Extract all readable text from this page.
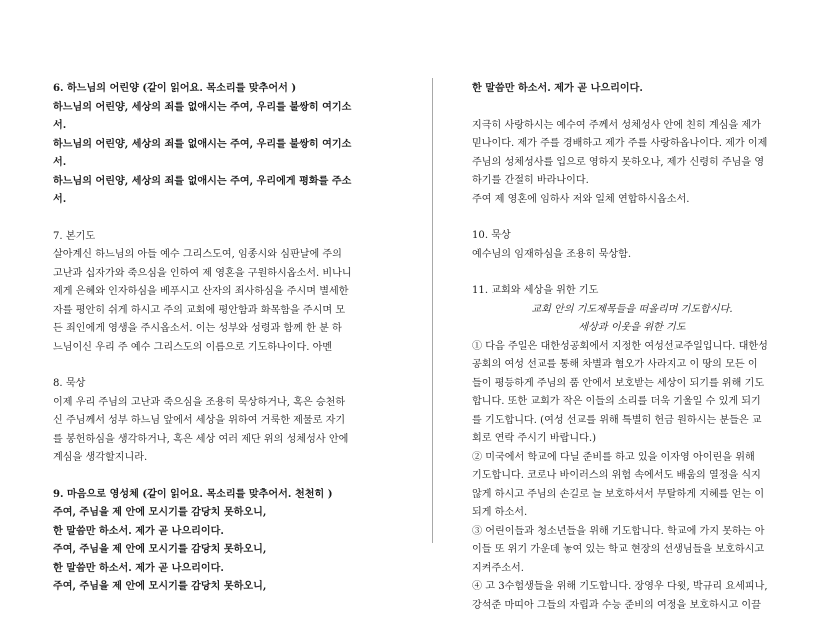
6. 하느님의 어린양 (같이 읽어요. 목소리를 맞추어서 )
하느님의 어린양, 세상의 죄를 없애시는 주여, 우리를 불쌍히 여기소
서.
하느님의 어린양, 세상의 죄를 없애시는 주여, 우리를 불쌍히 여기소
서.
하느님의 어린양, 세상의 죄를 없애시는 주여, 우리에게 평화를 주소
서.
7. 본기도
살아계신 하느님의 아들 예수 그리스도여, 임종시와 심판날에 주의
고난과 십자가와 죽으심을 인하여 제 영혼을 구원하시옵소서. 비나니
제게 은혜와 인자하심을 베푸시고 산자의 죄사하심을 주시며 별세한
자를 평안히 쉬게 하시고 주의 교회에 평안함과 화목함을 주시며 모
든 죄인에게 영생을 주시옵소서. 이는 성부와 성령과 함께 한 분 하
느님이신 우리 주 예수 그리스도의 이름으로 기도하나이다. 아멘
8. 묵상
이제 우리 주님의 고난과 죽으심을 조용히 묵상하거나, 혹은 승천하
신 주님께서 성부 하느님 앞에서 세상을 위하여 거룩한 제물로 자기
를 봉헌하심을 생각하거나, 혹은 세상 여러 제단 위의 성체성사 안에
계심을 생각할지니라.
9. 마음으로 영성체 (같이 읽어요. 목소리를 맞추어서. 천천히 )
주여, 주님을 제 안에 모시기를 감당치 못하오니,
한 말씀만 하소서. 제가 곧 나으리이다.
주여, 주님을 제 안에 모시기를 감당치 못하오니,
한 말씀만 하소서. 제가 곧 나으리이다.
주여, 주님을 제 안에 모시기를 감당치 못하오니,
한 말씀만 하소서. 제가 곧 나으리이다.
지극히 사랑하시는 예수여 주께서 성체성사 안에 친히 계심을 제가
믿나이다. 제가 주를 경배하고 제가 주를 사랑하옵나이다. 제가 이제
주님의 성체성사를 입으로 영하지 못하오나, 제가 신령히 주님을 영
하기를 간절히 바라나이다.
주여 제 영혼에 임하사 저와 일체 연합하시옵소서.
10. 묵상
예수님의 임재하심을 조용히 묵상함.
11. 교회와 세상을 위한 기도
교회 안의 기도제목들을 떠올리며 기도합시다.
세상과 이웃을 위한 기도
① 다음 주일은 대한성공회에서 지정한 여성선교주일입니다. 대한성
공회의 여성 선교를 통해 차별과 혐오가 사라지고 이 땅의 모든 이
들이 평등하게 주님의 품 안에서 보호받는 세상이 되기를 위해 기도
합니다. 또한 교회가 작은 이들의 소리를 더욱 기울일 수 있게 되기
를 기도합니다. (여성 선교를 위해 특별히 헌금 원하시는 분들은 교
회로 연락 주시기 바랍니다.)
② 미국에서 학교에 다닐 준비를 하고 있을 이자영 아이린을 위해
기도합니다. 코로나 바이러스의 위험 속에서도 배움의 열정을 식지
않게 하시고 주님의 손길로 늘 보호하셔서 무탈하게 지혜를 얻는 이
되게 하소서.
③ 어린이들과 청소년들을 위해 기도합니다. 학교에 가지 못하는 아
이들 또 위기 가운데 놓여 있는 학교 현장의 선생님들을 보호하시고
지켜주소서.
④ 고 3수험생들을 위해 기도합니다. 장영우 다윗, 박규리 요세피나,
강석준 마띠아 그들의 자립과 수능 준비의 여정을 보호하시고 이끌
